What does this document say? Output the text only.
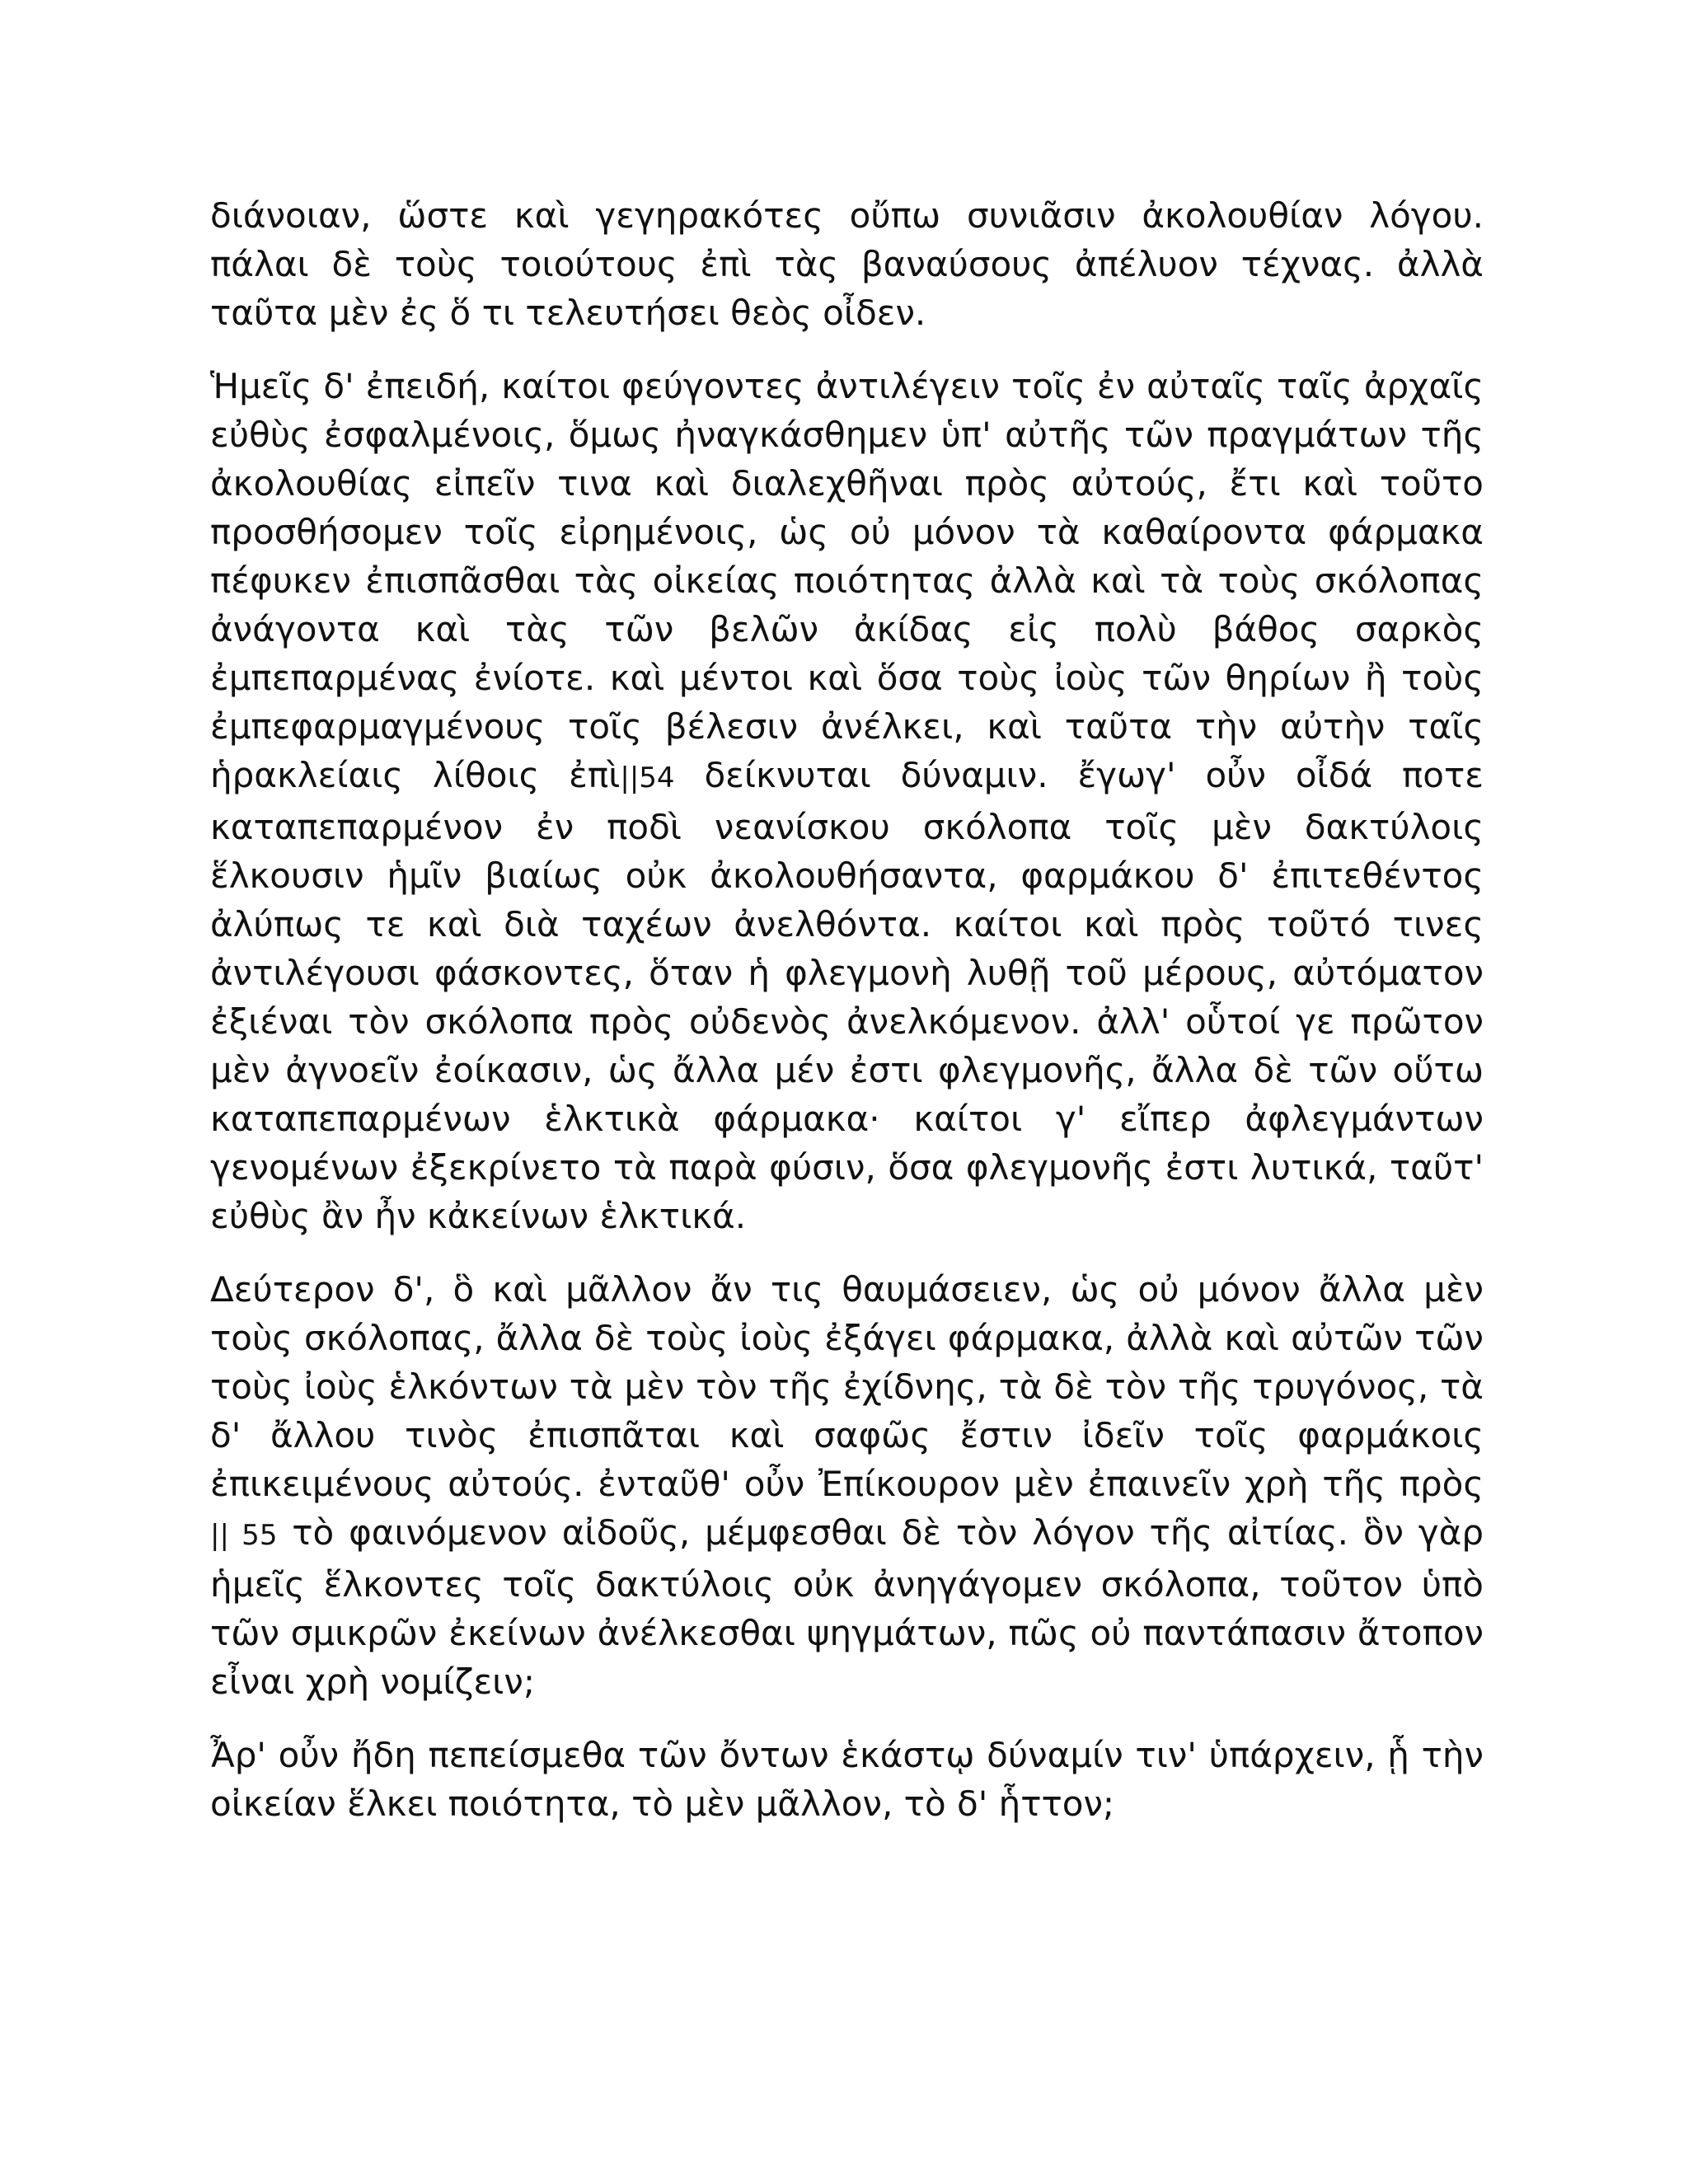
διάνοιαν, ὥστε καὶ γεγηρακότες οὔπω συνιᾶσιν ἀκολουθίαν λόγου. πάλαι δὲ τοὺς τοιούτους ἐπὶ τὰς βαναύσους ἀπέλυον τέχνας. ἀλλὰ ταῦτα μὲν ἐς ὅ τι τελευτήσει θεὸς οἶδεν.

Ἡμεῖς δ' ἐπειδή, καίτοι φεύγοντες ἀντιλέγειν τοῖς ἐν αὐταῖς ταῖς ἀρχαῖς εὐθὺς ἐσφαλμένοις, ὅμως ἠναγκάσθημεν ὑπ' αὐτῆς τῶν πραγμάτων τῆς ἀκολουθίας εἰπεῖν τινα καὶ διαλεχθῆναι πρὸς αὐτούς, ἔτι καὶ τοῦτο προσθήσομεν τοῖς εἰρημένοις, ὡς οὐ μόνον τὰ καθαίροντα φάρμακα πέφυκεν ἐπισπᾶσθαι τὰς οἰκείας ποιότητας ἀλλὰ καὶ τὰ τοὺς σκόλοπας ἀνάγοντα καὶ τὰς τῶν βελῶν ἀκίδας εἰς πολὺ βάθος σαρκὸς ἐμπεπαρμένας ἐνίοτε. καὶ μέντοι καὶ ὅσα τοὺς ἰοὺς τῶν θηρίων ἢ τοὺς ἐμπεφαρμαγμένους τοῖς βέλεσιν ἀνέλκει, καὶ ταῦτα τὴν αὐτὴν ταῖς ἡρακλείαις λίθοις ἐπὶ||54 δείκνυται δύναμιν. ἔγωγ' οὖν οἶδά ποτε καταπεπαρμένον ἐν ποδὶ νεανίσκου σκόλοπα τοῖς μὲν δακτύλοις ἕλκουσιν ἡμῖν βιαίως οὐκ ἀκολουθήσαντα, φαρμάκου δ' ἐπιτεθέντος ἀλύπως τε καὶ διὰ ταχέων ἀνελθόντα. καίτοι καὶ πρὸς τοῦτό τινες ἀντιλέγουσι φάσκοντες, ὅταν ἡ φλεγμονὴ λυθῇ τοῦ μέρους, αὐτόματον ἐξιέναι τὸν σκόλοπα πρὸς οὐδενὸς ἀνελκόμενον. ἀλλ' οὗτοί γε πρῶτον μὲν ἀγνοεῖν ἐοίκασιν, ὡς ἄλλα μέν ἐστι φλεγμονῆς, ἄλλα δὲ τῶν οὕτω καταπεπαρμένων ἑλκτικὰ φάρμακα· καίτοι γ' εἴπερ ἀφλεγμάντων γενομένων ἐξεκρίνετο τὰ παρὰ φύσιν, ὅσα φλεγμονῆς ἐστι λυτικά, ταῦτ' εὐθὺς ἂν ἦν κἀκείνων ἑλκτικά.

Δεύτερον δ', ὃ καὶ μᾶλλον ἄν τις θαυμάσειεν, ὡς οὐ μόνον ἄλλα μὲν τοὺς σκόλοπας, ἄλλα δὲ τοὺς ἰοὺς ἐξάγει φάρμακα, ἀλλὰ καὶ αὐτῶν τῶν τοὺς ἰοὺς ἑλκόντων τὰ μὲν τὸν τῆς ἐχίδνης, τὰ δὲ τὸν τῆς τρυγόνος, τὰ δ' ἄλλου τινὸς ἐπισπᾶται καὶ σαφῶς ἔστιν ἰδεῖν τοῖς φαρμάκοις ἐπικειμένους αὐτούς. ἐνταῦθ' οὖν Ἐπίκουρον μὲν ἐπαινεῖν χρὴ τῆς πρὸς || 55 τὸ φαινόμενον αἰδοῦς, μέμφεσθαι δὲ τὸν λόγον τῆς αἰτίας. ὃν γὰρ ἡμεῖς ἕλκοντες τοῖς δακτύλοις οὐκ ἀνηγάγομεν σκόλοπα, τοῦτον ὑπὸ τῶν σμικρῶν ἐκείνων ἀνέλκεσθαι ψηγμάτων, πῶς οὐ παντάπασιν ἄτοπον εἶναι χρὴ νομίζειν;

Ἆρ' οὖν ἤδη πεπείσμεθα τῶν ὄντων ἑκάστῳ δύναμίν τιν' ὑπάρχειν, ᾗ τὴν οἰκείαν ἕλκει ποιότητα, τὸ μὲν μᾶλλον, τὸ δ' ἧττον;
